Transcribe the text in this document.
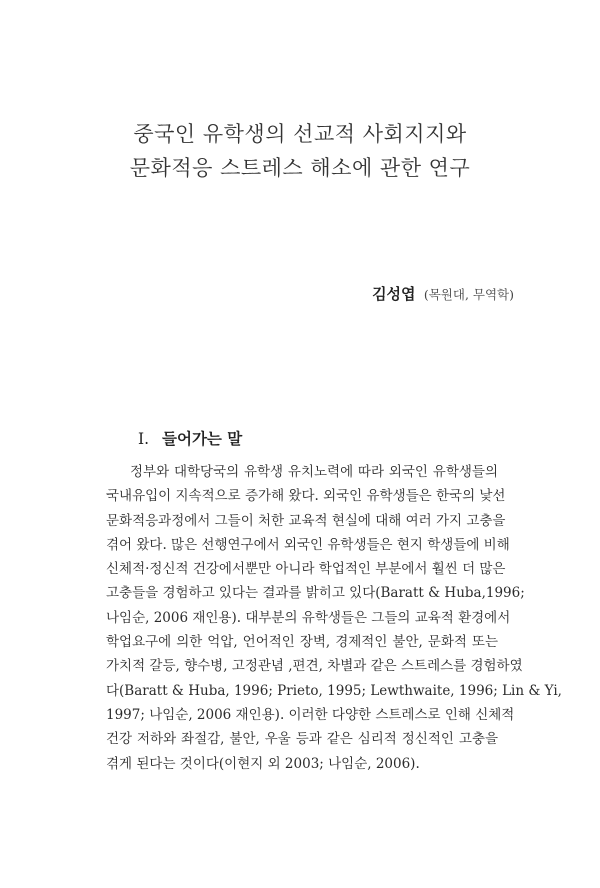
중국인 유학생의 선교적 사회지지와
문화적응 스트레스 해소에 관한 연구
김성엽 (목원대, 무역학)
Ⅰ. 들어가는 말
정부와 대학당국의 유학생 유치노력에 따라 외국인 유학생들의
국내유입이 지속적으로 증가해 왔다. 외국인 유학생들은 한국의 낯선
문화적응과정에서 그들이 처한 교육적 현실에 대해 여러 가지 고충을
겪어 왔다. 많은 선행연구에서 외국인 유학생들은 현지 학생들에 비해
신체적·정신적 건강에서뿐만 아니라 학업적인 부분에서 훨씬 더 많은
고충들을 경험하고 있다는 결과를 밝히고 있다(Baratt & Huba,1996;
나임순, 2006 재인용). 대부분의 유학생들은 그들의 교육적 환경에서
학업요구에 의한 억압, 언어적인 장벽, 경제적인 불안, 문화적 또는
가치적 갈등, 향수병, 고정관념 ,편견, 차별과 같은 스트레스를 경험하였
다(Baratt & Huba, 1996; Prieto, 1995; Lewthwaite, 1996; Lin & Yi,
1997; 나임순, 2006 재인용). 이러한 다양한 스트레스로 인해 신체적
건강 저하와 좌절감, 불안, 우울 등과 같은 심리적 정신적인 고충을
겪게 된다는 것이다(이현지 외 2003; 나임순, 2006).
